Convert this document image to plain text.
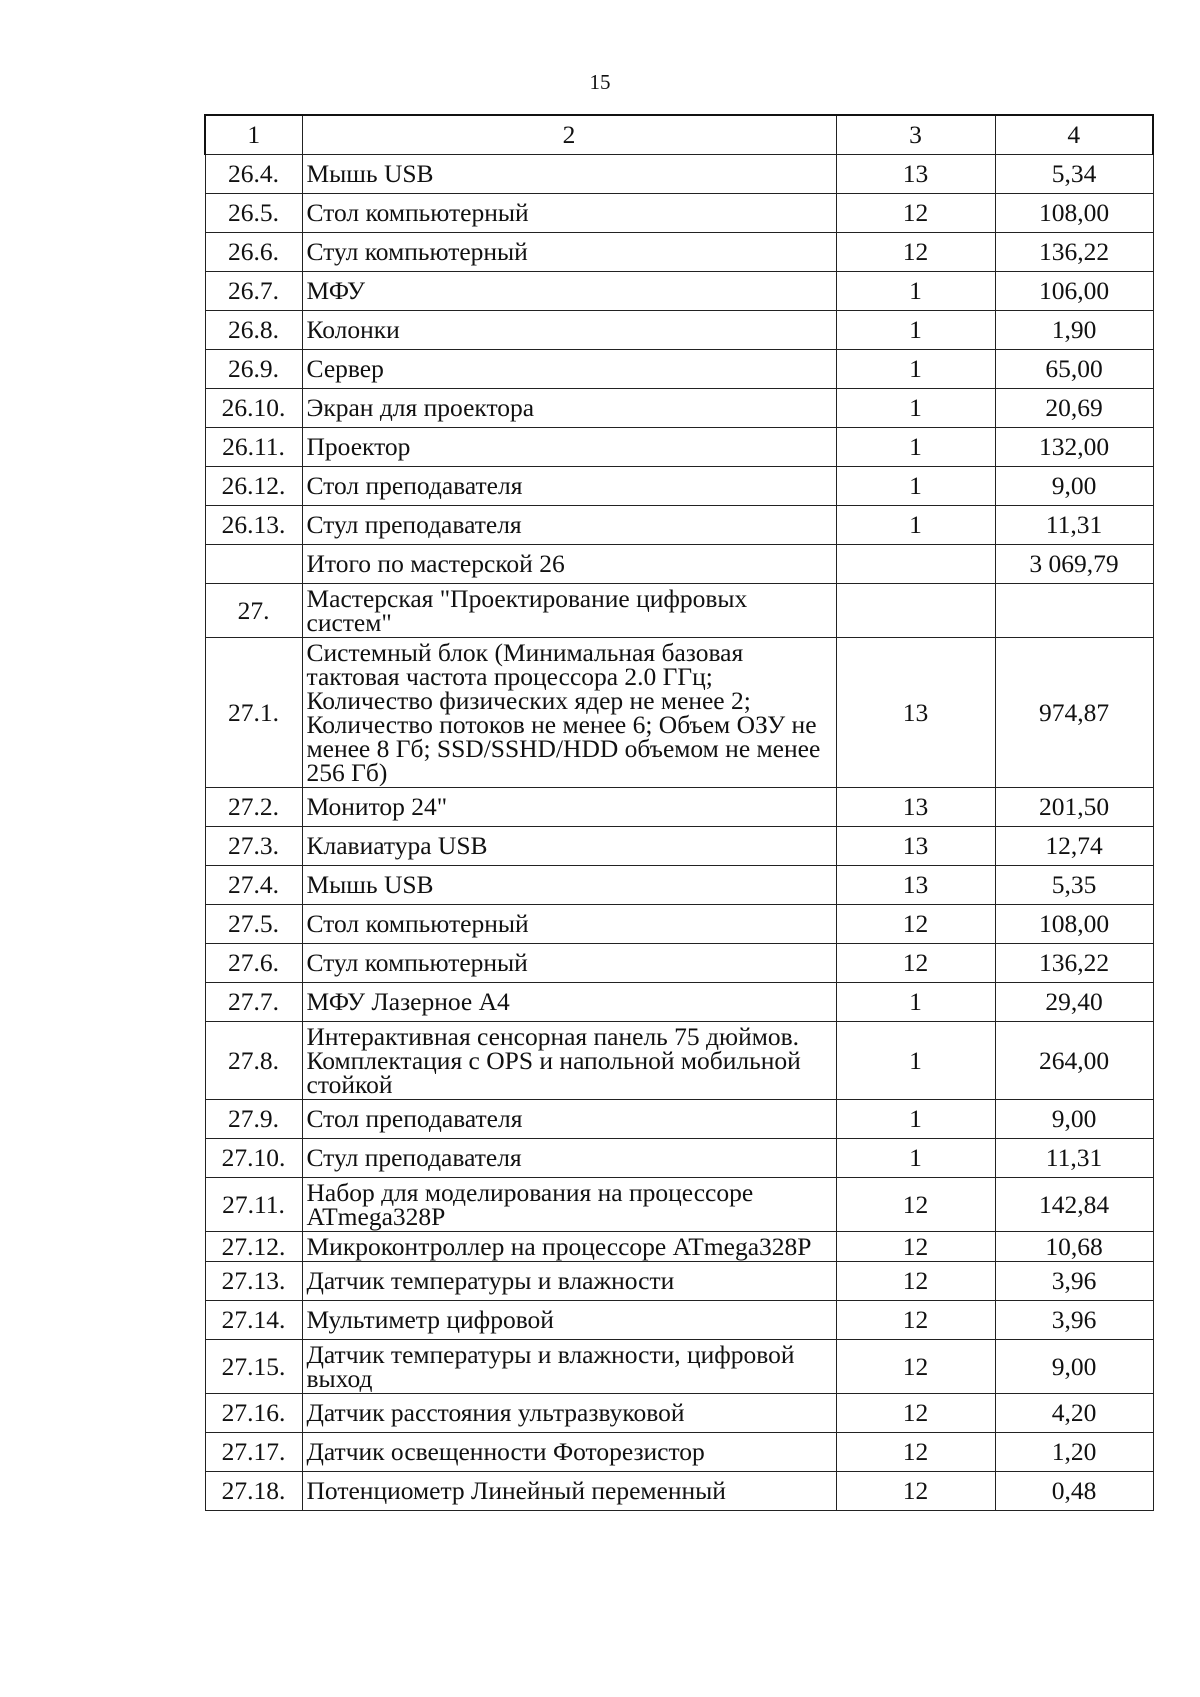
15
1	2	3	4
26.4.	Мышь USB	13	5,34
26.5.	Стол компьютерный	12	108,00
26.6.	Стул компьютерный	12	136,22
26.7.	МФУ	1	106,00
26.8.	Колонки	1	1,90
26.9.	Сервер	1	65,00
26.10.	Экран для проектора	1	20,69
26.11.	Проектор	1	132,00
26.12.	Стол преподавателя	1	9,00
26.13.	Стул преподавателя	1	11,31
	Итого по мастерской 26		3 069,79
27.	Мастерская "Проектирование цифровых систем"		
27.1.	Системный блок (Минимальная базовая тактовая частота процессора 2.0 ГГц; Количество физических ядер не менее 2; Количество потоков не менее 6; Объем ОЗУ не менее 8 Гб; SSD/SSHD/HDD объемом не менее 256 Гб)	13	974,87
27.2.	Монитор 24"	13	201,50
27.3.	Клавиатура USB	13	12,74
27.4.	Мышь USB	13	5,35
27.5.	Стол компьютерный	12	108,00
27.6.	Стул компьютерный	12	136,22
27.7.	МФУ Лазерное А4	1	29,40
27.8.	Интерактивная сенсорная панель 75 дюймов. Комплектация с OPS и напольной мобильной стойкой	1	264,00
27.9.	Стол преподавателя	1	9,00
27.10.	Стул преподавателя	1	11,31
27.11.	Набор для моделирования на процессоре ATmega328P	12	142,84
27.12.	Микроконтроллер на процессоре ATmega328P	12	10,68
27.13.	Датчик температуры и влажности	12	3,96
27.14.	Мультиметр цифровой	12	3,96
27.15.	Датчик температуры и влажности, цифровой выход	12	9,00
27.16.	Датчик расстояния ультразвуковой	12	4,20
27.17.	Датчик освещенности Фоторезистор	12	1,20
27.18.	Потенциометр Линейный переменный	12	0,48
